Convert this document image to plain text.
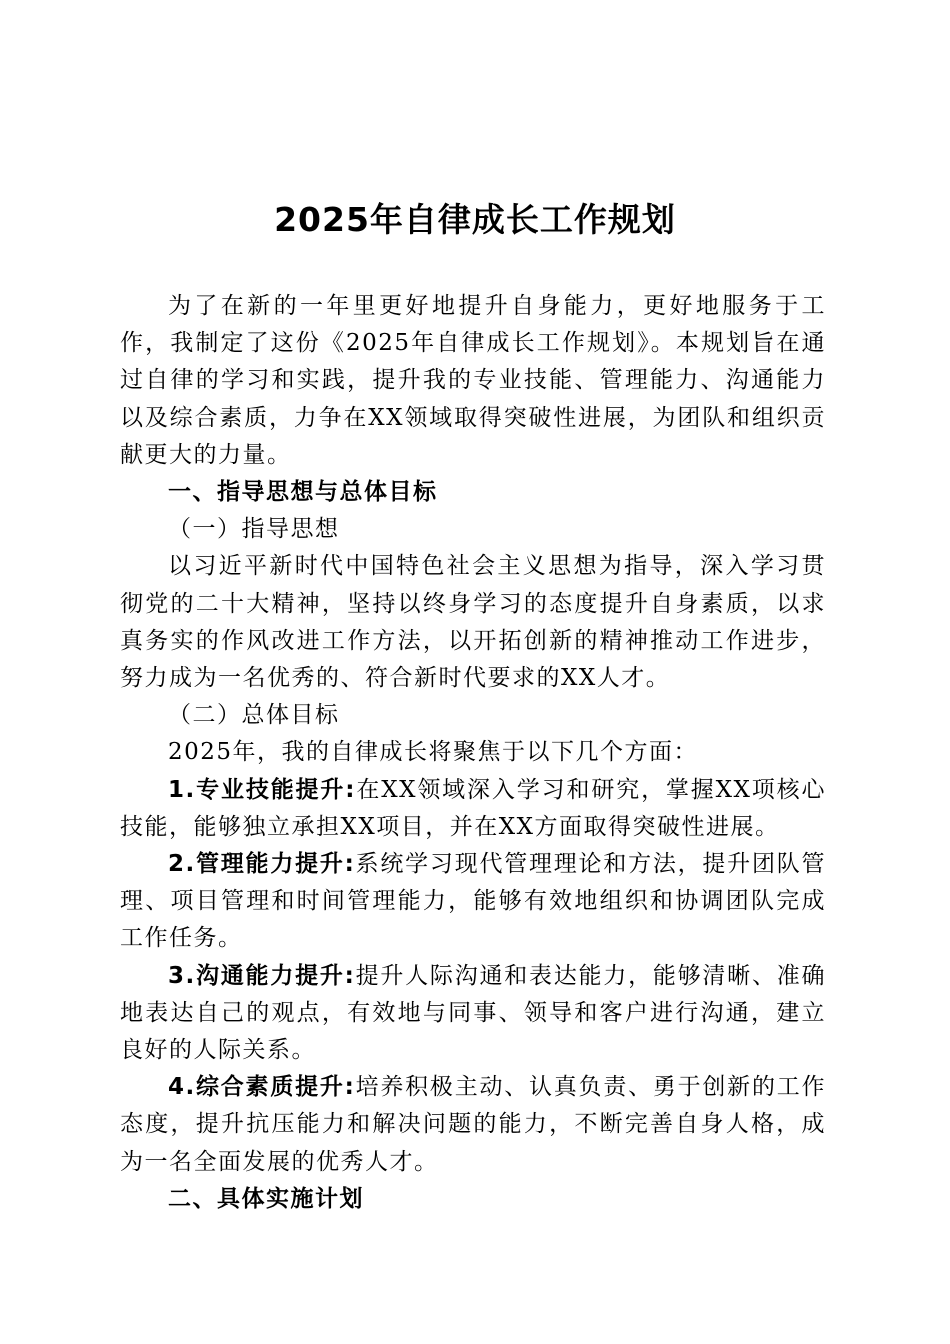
2025年自律成长工作规划

为了在新的一年里更好地提升自身能力，更好地服务于工作，我制定了这份《2025年自律成长工作规划》。本规划旨在通过自律的学习和实践，提升我的专业技能、管理能力、沟通能力以及综合素质，力争在XX领域取得突破性进展，为团队和组织贡献更大的力量。

一、指导思想与总体目标

（一）指导思想

以习近平新时代中国特色社会主义思想为指导，深入学习贯彻党的二十大精神，坚持以终身学习的态度提升自身素质，以求真务实的作风改进工作方法，以开拓创新的精神推动工作进步，努力成为一名优秀的、符合新时代要求的XX人才。

（二）总体目标

2025年，我的自律成长将聚焦于以下几个方面：

1.专业技能提升:在XX领域深入学习和研究，掌握XX项核心技能，能够独立承担XX项目，并在XX方面取得突破性进展。

2.管理能力提升:系统学习现代管理理论和方法，提升团队管理、项目管理和时间管理能力，能够有效地组织和协调团队完成工作任务。

3.沟通能力提升:提升人际沟通和表达能力，能够清晰、准确地表达自己的观点，有效地与同事、领导和客户进行沟通，建立良好的人际关系。

4.综合素质提升:培养积极主动、认真负责、勇于创新的工作态度，提升抗压能力和解决问题的能力，不断完善自身人格，成为一名全面发展的优秀人才。

二、具体实施计划
